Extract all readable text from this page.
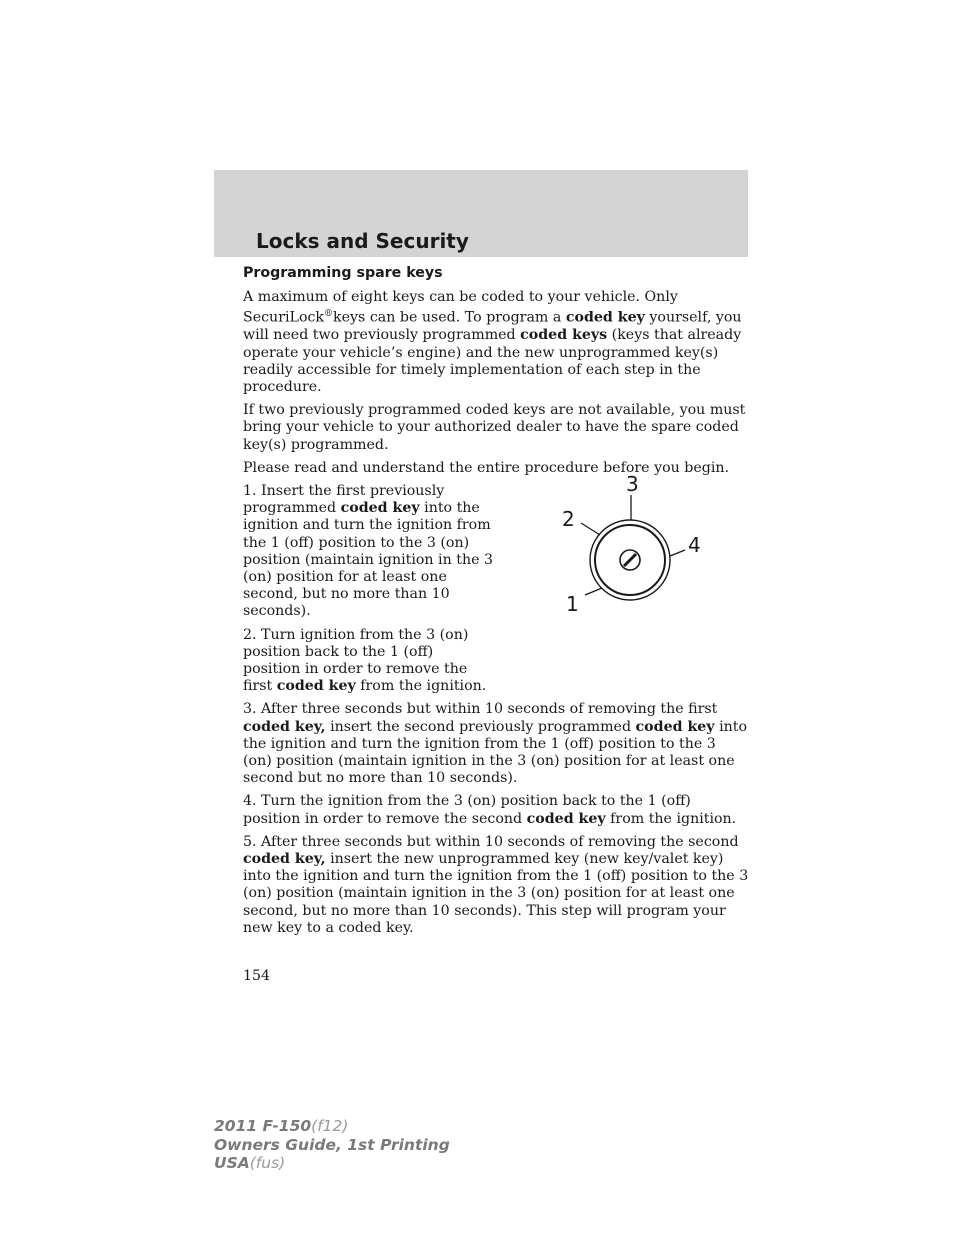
Locks and Security
Programming spare keys

A maximum of eight keys can be coded to your vehicle. Only SecuriLock®keys can be used. To program a coded key yourself, you will need two previously programmed coded keys (keys that already operate your vehicle’s engine) and the new unprogrammed key(s) readily accessible for timely implementation of each step in the procedure.

If two previously programmed coded keys are not available, you must bring your vehicle to your authorized dealer to have the spare coded key(s) programmed.

Please read and understand the entire procedure before you begin.

1. Insert the first previously programmed coded key into the ignition and turn the ignition from the 1 (off) position to the 3 (on) position (maintain ignition in the 3 (on) position for at least one second, but no more than 10 seconds).

2. Turn ignition from the 3 (on) position back to the 1 (off) position in order to remove the first coded key from the ignition.

3. After three seconds but within 10 seconds of removing the first coded key, insert the second previously programmed coded key into the ignition and turn the ignition from the 1 (off) position to the 3 (on) position (maintain ignition in the 3 (on) position for at least one second but no more than 10 seconds).

4. Turn the ignition from the 3 (on) position back to the 1 (off) position in order to remove the second coded key from the ignition.

5. After three seconds but within 10 seconds of removing the second coded key, insert the new unprogrammed key (new key/valet key) into the ignition and turn the ignition from the 1 (off) position to the 3 (on) position (maintain ignition in the 3 (on) position for at least one second, but no more than 10 seconds). This step will program your new key to a coded key.

3
2
4
1
154
2011 F-150(f12)
Owners Guide, 1st Printing
USA(fus)
